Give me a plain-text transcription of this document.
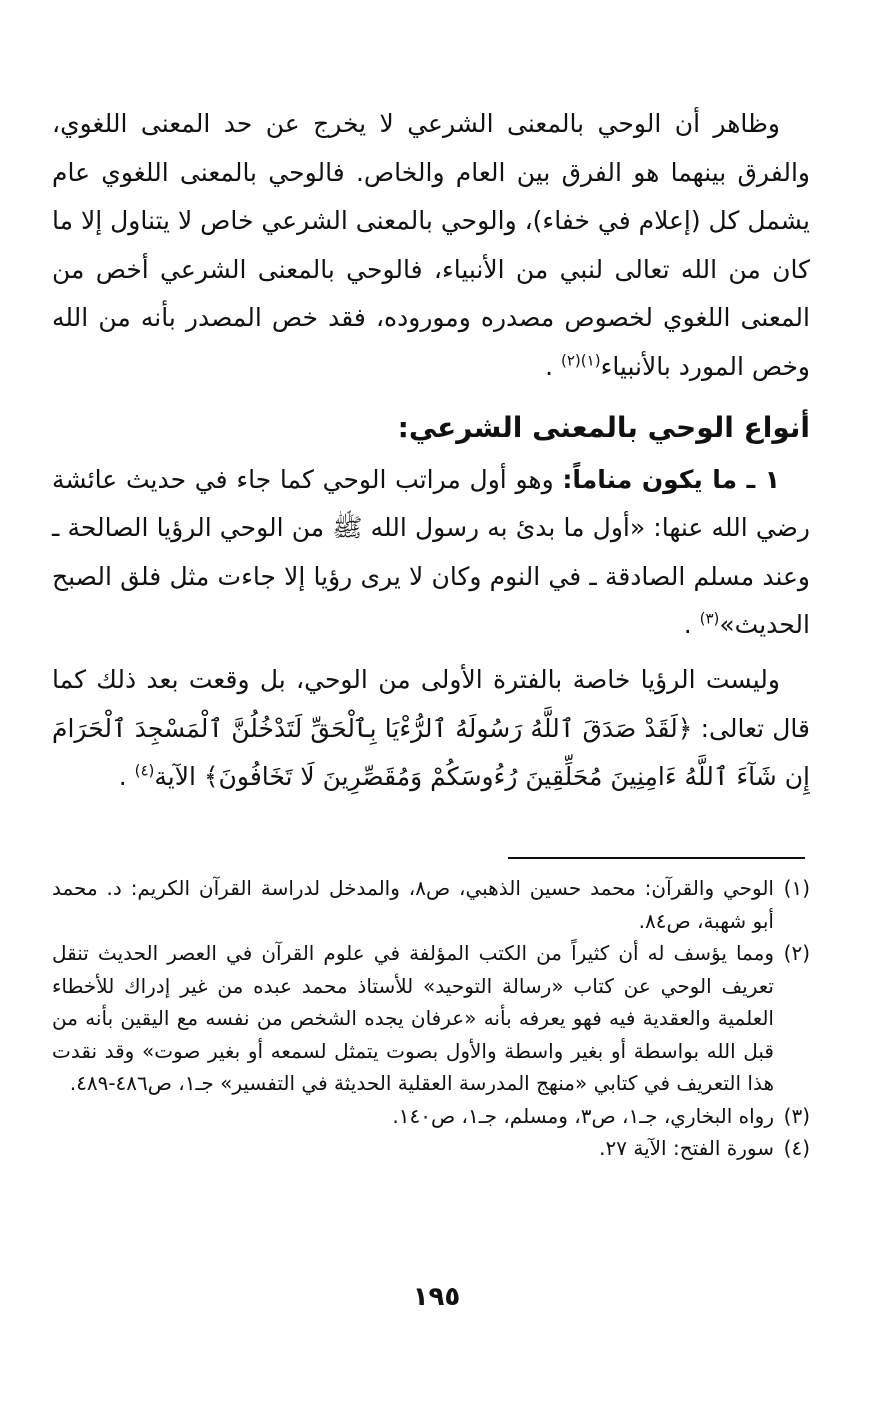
وظاهر أن الوحي بالمعنى الشرعي لا يخرج عن حد المعنى اللغوي، والفرق بينهما هو الفرق بين العام والخاص. فالوحي بالمعنى اللغوي عام يشمل كل (إعلام في خفاء)، والوحي بالمعنى الشرعي خاص لا يتناول إلا ما كان من الله تعالى لنبي من الأنبياء، فالوحي بالمعنى الشرعي أخص من المعنى اللغوي لخصوص مصدره وموروده، فقد خص المصدر بأنه من الله وخص المورد بالأنبياء$^{(١)(٢)}$ .

أنواع الوحي بالمعنى الشرعي:

١ ـ ما يكون مناماً: وهو أول مراتب الوحي كما جاء في حديث عائشة رضي الله عنها: «أول ما بدئ به رسول الله ﷺ من الوحي الرؤيا الصالحة ـ وعند مسلم الصادقة ـ في النوم وكان لا يرى رؤيا إلا جاءت مثل فلق الصبح الحديث»$^{(٣)}$ .

وليست الرؤيا خاصة بالفترة الأولى من الوحي، بل وقعت بعد ذلك كما قال تعالى: ﴿لَقَدْ صَدَقَ ٱللَّهُ رَسُولَهُ ٱلرُّءْيَا بِٱلْحَقِّ لَتَدْخُلُنَّ ٱلْمَسْجِدَ ٱلْحَرَامَ إِن شَآءَ ٱللَّهُ ءَامِنِينَ مُحَلِّقِينَ رُءُوسَكُمْ وَمُقَصِّرِينَ لَا تَخَافُونَ﴾ الآية$^{(٤)}$ .

(١)
الوحي والقرآن: محمد حسين الذهبي، ص٨، والمدخل لدراسة القرآن الكريم: د. محمد أبو شهبة، ص٨٤.

(٢)
ومما يؤسف له أن كثيراً من الكتب المؤلفة في علوم القرآن في العصر الحديث تنقل تعريف الوحي عن كتاب «رسالة التوحيد» للأستاذ محمد عبده من غير إدراك للأخطاء العلمية والعقدية فيه فهو يعرفه بأنه «عرفان يجده الشخص من نفسه مع اليقين بأنه من قبل الله بواسطة أو بغير واسطة والأول بصوت يتمثل لسمعه أو بغير صوت» وقد نقدت هذا التعريف في كتابي «منهج المدرسة العقلية الحديثة في التفسير» جـ١، ص٤٨٦-٤٨٩.

(٣)
رواه البخاري، جـ١، ص٣، ومسلم، جـ١، ص١٤٠.

(٤)
سورة الفتح: الآية ٢٧.

١٩٥
